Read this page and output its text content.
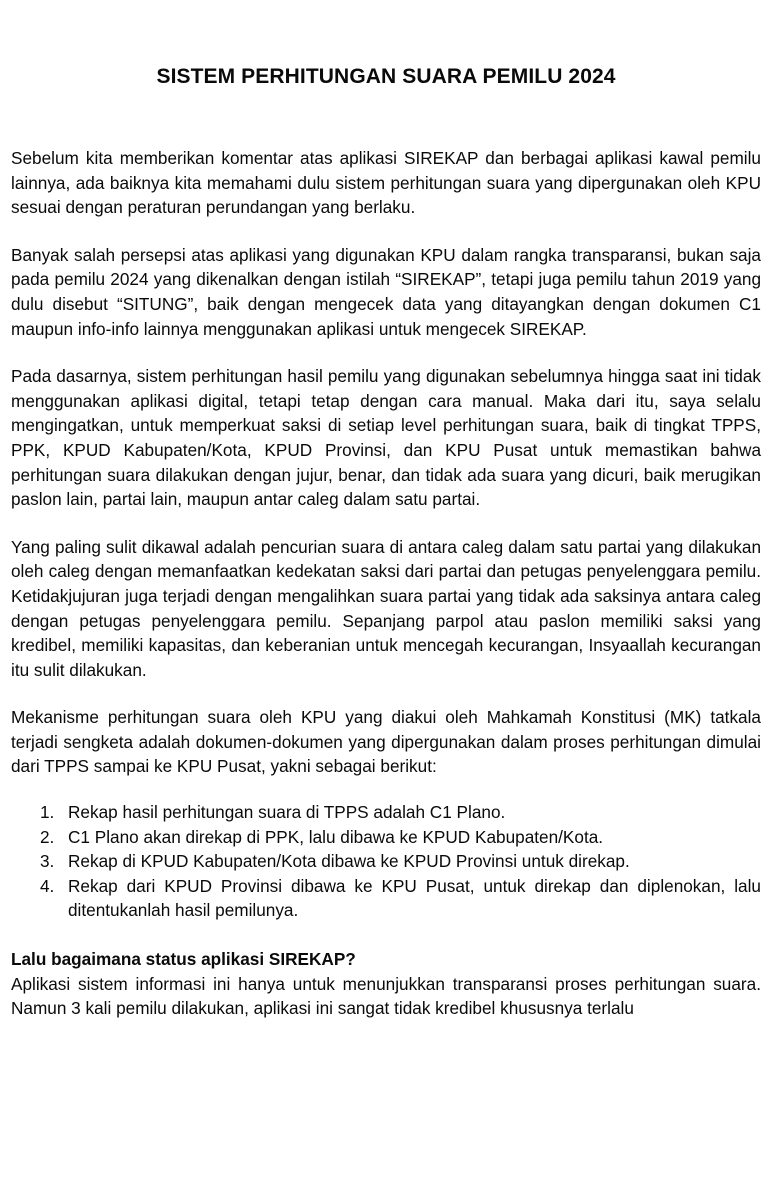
SISTEM PERHITUNGAN SUARA PEMILU 2024

Sebelum kita memberikan komentar atas aplikasi SIREKAP dan berbagai aplikasi kawal pemilu lainnya, ada baiknya kita memahami dulu sistem perhitungan suara yang dipergunakan oleh KPU sesuai dengan peraturan perundangan yang berlaku.

Banyak salah persepsi atas aplikasi yang digunakan KPU dalam rangka transparansi, bukan saja pada pemilu 2024 yang dikenalkan dengan istilah “SIREKAP”, tetapi juga pemilu tahun 2019 yang dulu disebut “SITUNG”, baik dengan mengecek data yang ditayangkan dengan dokumen C1 maupun info-info lainnya menggunakan aplikasi untuk mengecek SIREKAP.

Pada dasarnya, sistem perhitungan hasil pemilu yang digunakan sebelumnya hingga saat ini tidak menggunakan aplikasi digital, tetapi tetap dengan cara manual. Maka dari itu, saya selalu mengingatkan, untuk memperkuat saksi di setiap level perhitungan suara, baik di tingkat TPPS, PPK, KPUD Kabupaten/Kota, KPUD Provinsi, dan KPU Pusat untuk memastikan bahwa perhitungan suara dilakukan dengan jujur, benar, dan tidak ada suara yang dicuri, baik merugikan paslon lain, partai lain, maupun antar caleg dalam satu partai.

Yang paling sulit dikawal adalah pencurian suara di antara caleg dalam satu partai yang dilakukan oleh caleg dengan memanfaatkan kedekatan saksi dari partai dan petugas penyelenggara pemilu. Ketidakjujuran juga terjadi dengan mengalihkan suara partai yang tidak ada saksinya antara caleg dengan petugas penyelenggara pemilu. Sepanjang parpol atau paslon memiliki saksi yang kredibel, memiliki kapasitas, dan keberanian untuk mencegah kecurangan, Insyaallah kecurangan itu sulit dilakukan.

Mekanisme perhitungan suara oleh KPU yang diakui oleh Mahkamah Konstitusi (MK) tatkala terjadi sengketa adalah dokumen-dokumen yang dipergunakan dalam proses perhitungan dimulai dari TPPS sampai ke KPU Pusat, yakni sebagai berikut:

1. Rekap hasil perhitungan suara di TPPS adalah C1 Plano.
2. C1 Plano akan direkap di PPK, lalu dibawa ke KPUD Kabupaten/Kota.
3. Rekap di KPUD Kabupaten/Kota dibawa ke KPUD Provinsi untuk direkap.
4. Rekap dari KPUD Provinsi dibawa ke KPU Pusat, untuk direkap dan diplenokan, lalu ditentukanlah hasil pemilunya.
Lalu bagaimana status aplikasi SIREKAP?

Aplikasi sistem informasi ini hanya untuk menunjukkan transparansi proses perhitungan suara. Namun 3 kali pemilu dilakukan, aplikasi ini sangat tidak kredibel khususnya terlalu
